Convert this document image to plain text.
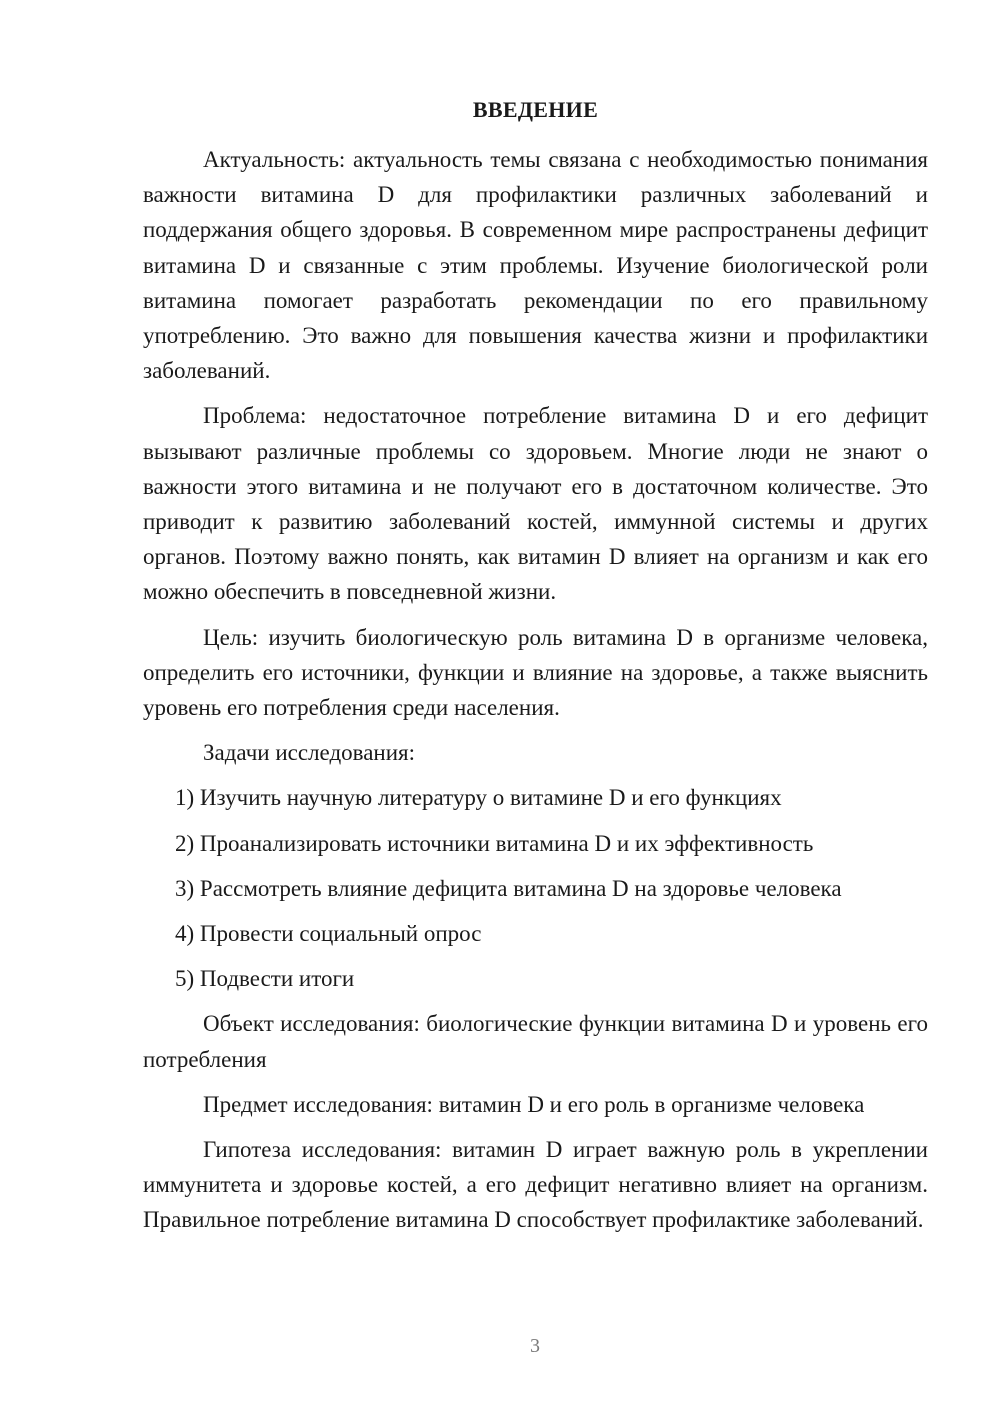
ВВЕДЕНИЕ

Актуальность: актуальность темы связана с необходимостью понимания важности витамина D для профилактики различных заболеваний и поддержания общего здоровья. В современном мире распространены дефицит витамина D и связанные с этим проблемы. Изучение биологической роли витамина помогает разработать рекомендации по его правильному употреблению. Это важно для повышения качества жизни и профилактики заболеваний.

Проблема: недостаточное потребление витамина D и его дефицит вызывают различные проблемы со здоровьем. Многие люди не знают о важности этого витамина и не получают его в достаточном количестве. Это приводит к развитию заболеваний костей, иммунной системы и других органов. Поэтому важно понять, как витамин D влияет на организм и как его можно обеспечить в повседневной жизни.

Цель: изучить биологическую роль витамина D в организме человека, определить его источники, функции и влияние на здоровье, а также выяснить уровень его потребления среди населения.

Задачи исследования:

1) Изучить научную литературу о витамине D и его функциях
2) Проанализировать источники витамина D и их эффективность
3) Рассмотреть влияние дефицита витамина D на здоровье человека
4) Провести социальный опрос
5) Подвести итоги

Объект исследования: биологические функции витамина D и уровень его потребления

Предмет исследования: витамин D и его роль в организме человека

Гипотеза исследования: витамин D играет важную роль в укреплении иммунитета и здоровье костей, а его дефицит негативно влияет на организм. Правильное потребление витамина D способствует профилактике заболеваний.

3
